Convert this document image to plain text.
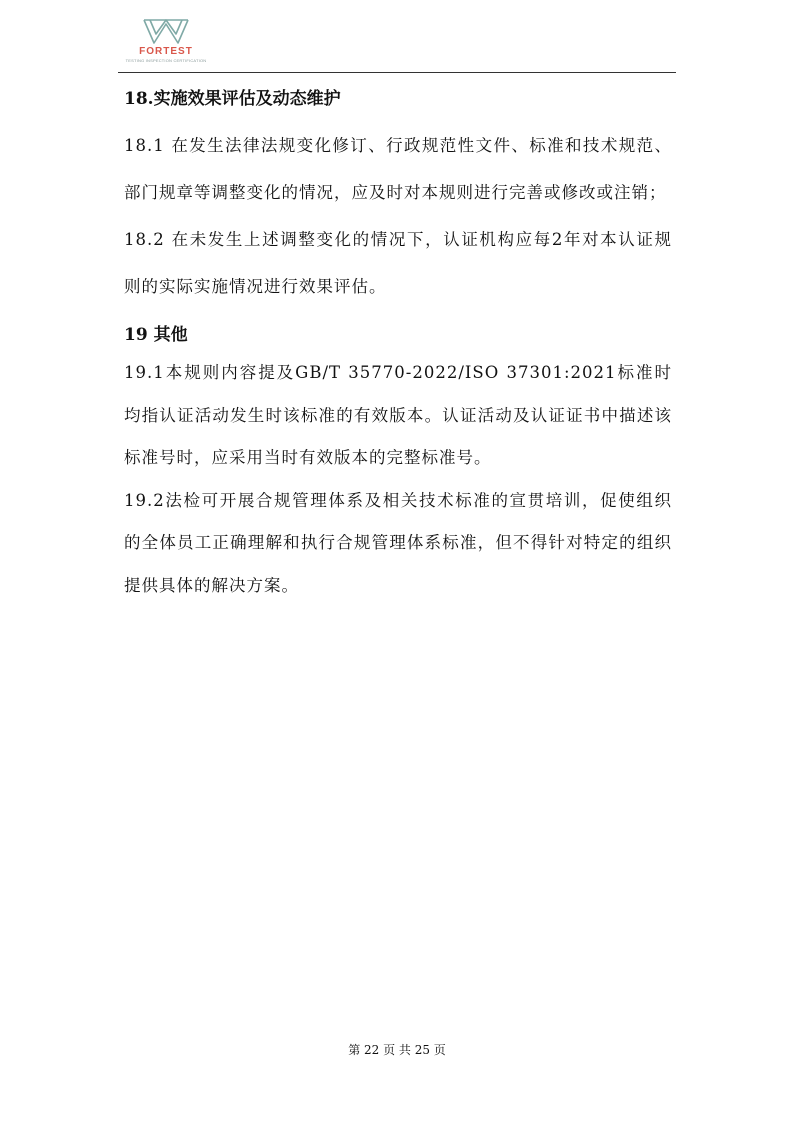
FORTEST
TESTING INSPECTION CERTIFICATION
18.实施效果评估及动态维护

18.1 在发生法律法规变化修订、行政规范性文件、标准和技术规范、部门规章等调整变化的情况，应及时对本规则进行完善或修改或注销；

18.2 在未发生上述调整变化的情况下，认证机构应每2年对本认证规则的实际实施情况进行效果评估。

19 其他

19.1本规则内容提及GB/T 35770-2022/ISO 37301:2021标准时均指认证活动发生时该标准的有效版本。认证活动及认证证书中描述该标准号时，应采用当时有效版本的完整标准号。

19.2法检可开展合规管理体系及相关技术标准的宣贯培训，促使组织的全体员工正确理解和执行合规管理体系标准，但不得针对特定的组织提供具体的解决方案。

第 22 页 共 25 页
